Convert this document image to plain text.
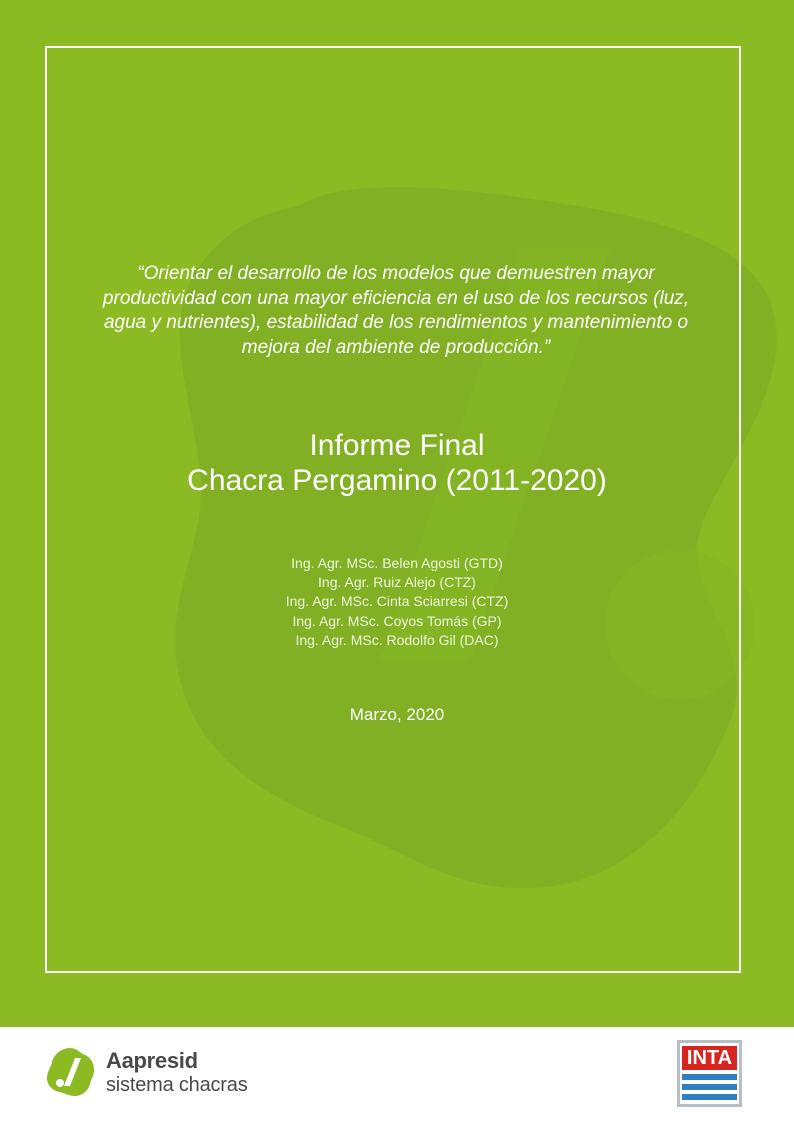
“Orientar el desarrollo de los modelos que demuestren mayor productividad con una mayor eficiencia en el uso de los recursos (luz, agua y nutrientes), estabilidad de los rendimientos y mantenimiento o mejora del ambiente de producción.”

Informe Final
Chacra Pergamino (2011-2020)
Ing. Agr. MSc. Belen Agosti (GTD)
Ing. Agr. Ruiz Alejo (CTZ)
Ing. Agr. MSc. Cinta Sciarresi (CTZ)
Ing. Agr. MSc. Coyos Tomás (GP)
Ing. Agr. MSc. Rodolfo Gil (DAC)
Marzo, 2020
Aapresid
sistema chacras
INTA
